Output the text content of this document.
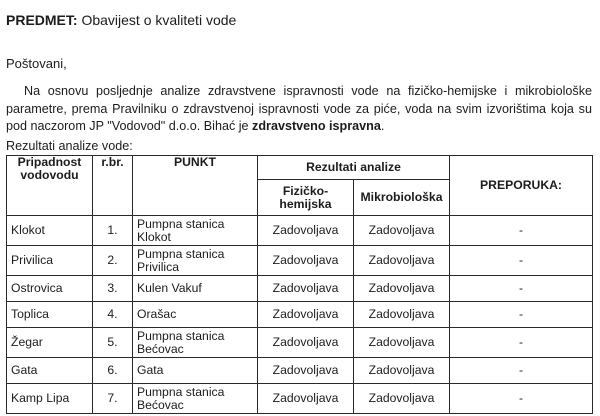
PREDMET: Obavijest o kvaliteti vode
Poštovani,
Na osnovu posljednje analize zdravstvene ispravnosti vode na fizičko-hemijske i mikrobiološke parametre, prema Pravilniku o zdravstvenoj ispravnosti vode za piće, voda na svim izvorištima koja su pod naczorom JP "Vodovod" d.o.o. Bihać je zdravstveno ispravna.
Rezultati analize vode:
Pripadnost vodovodu	r.br.	PUNKT	Rezultati analize		PREPORUKA:
			Fizičko-hemijska	Mikrobiološka	
Klokot	1.	Pumpna stanica Klokot	Zadovoljava	Zadovoljava	-
Privilica	2.	Pumpna stanica Privilica	Zadovoljava	Zadovoljava	-
Ostrovica	3.	Kulen Vakuf	Zadovoljava	Zadovoljava	-
Toplica	4.	Orašac	Zadovoljava	Zadovoljava	-
Žegar	5.	Pumpna stanica Bećovac	Zadovoljava	Zadovoljava	-
Gata	6.	Gata	Zadovoljava	Zadovoljava	-
Kamp Lipa	7.	Pumpna stanica Bećovac	Zadovoljava	Zadovoljava	-
